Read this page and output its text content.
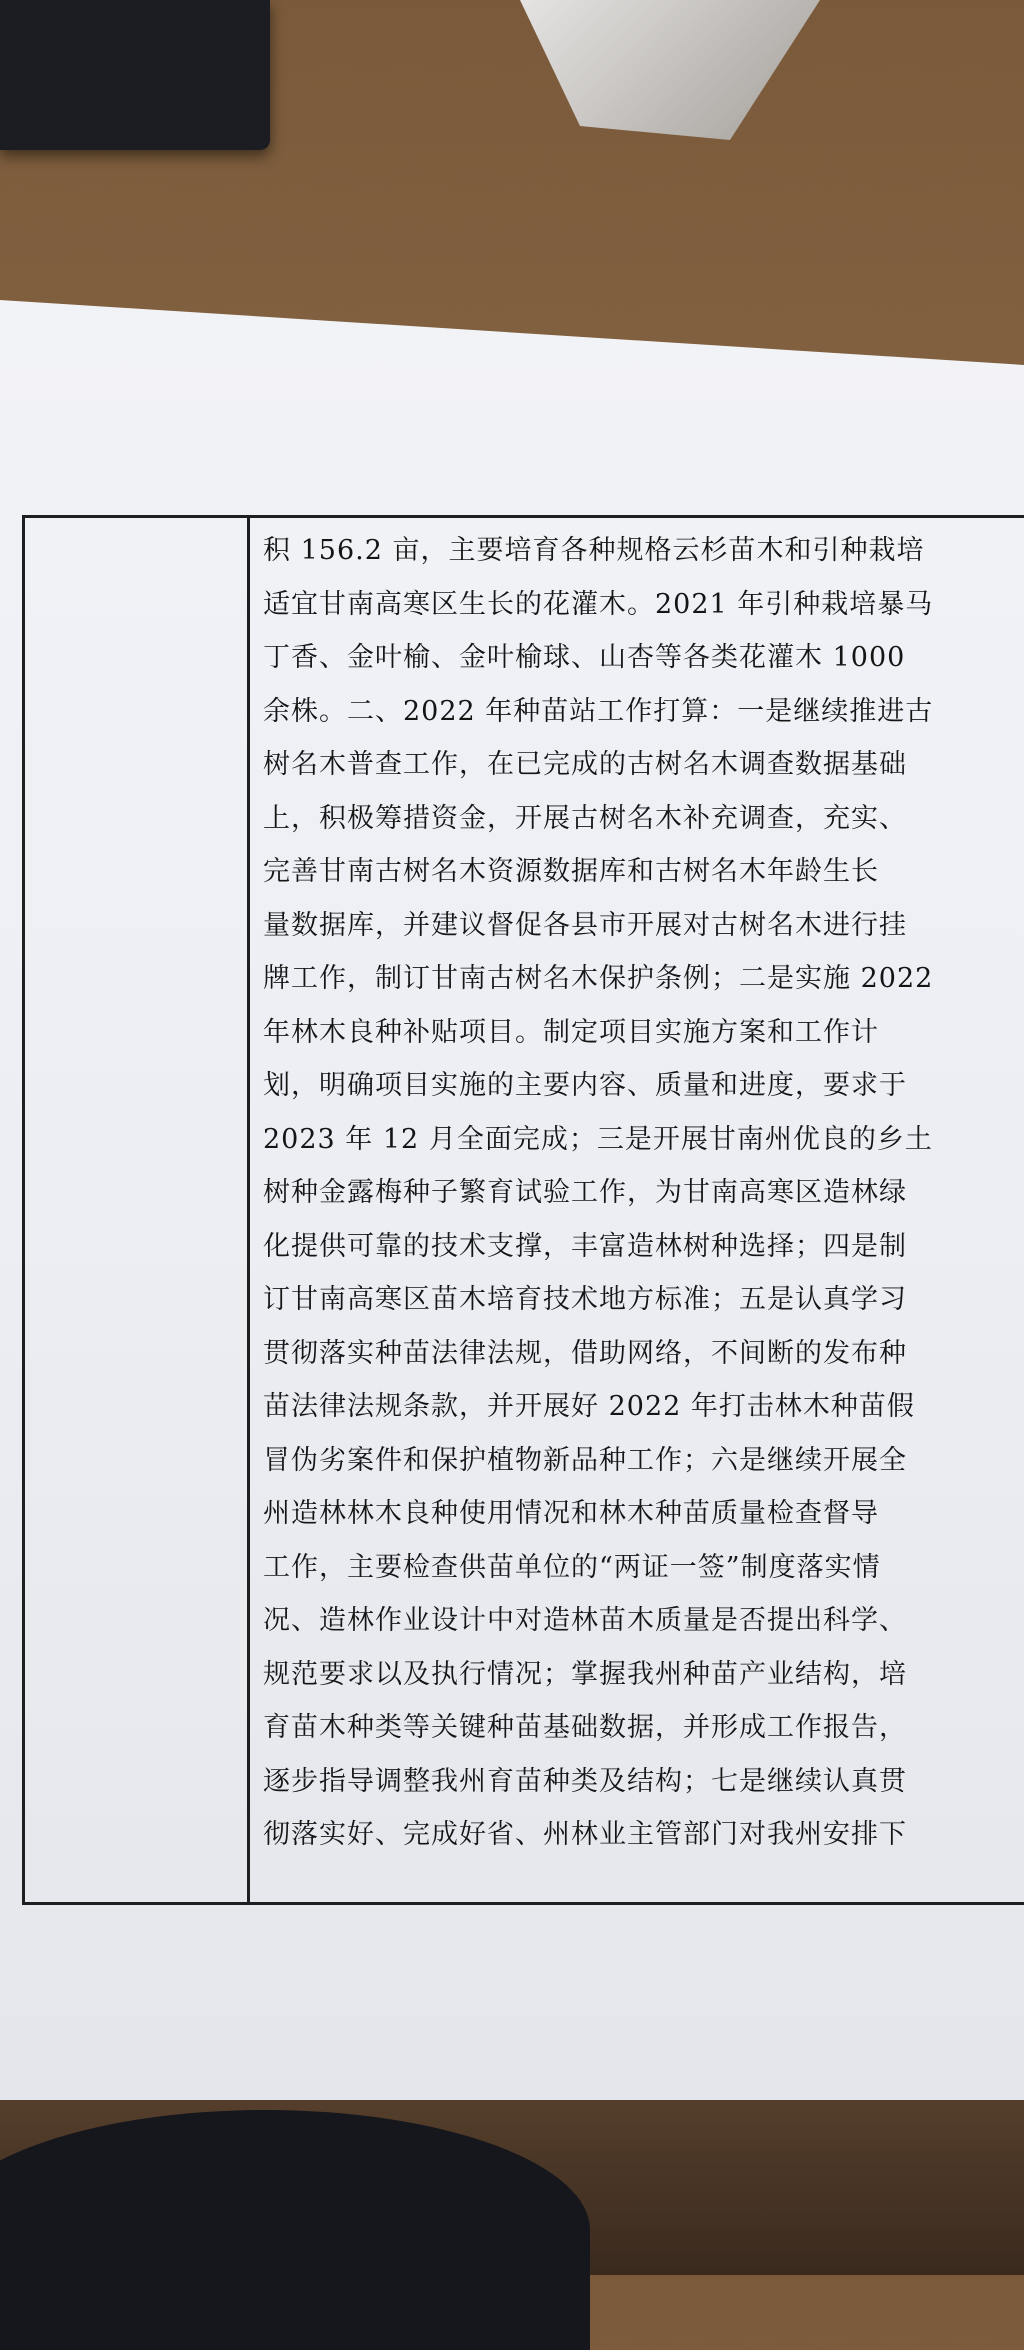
积 156.2 亩，主要培育各种规格云杉苗木和引种栽培
适宜甘南高寒区生长的花灌木。2021 年引种栽培暴马
丁香、金叶榆、金叶榆球、山杏等各类花灌木 1000
余株。二、2022 年种苗站工作打算：一是继续推进古
树名木普查工作，在已完成的古树名木调查数据基础
上，积极筹措资金，开展古树名木补充调查，充实、
完善甘南古树名木资源数据库和古树名木年龄生长
量数据库，并建议督促各县市开展对古树名木进行挂
牌工作，制订甘南古树名木保护条例；二是实施 2022
年林木良种补贴项目。制定项目实施方案和工作计
划，明确项目实施的主要内容、质量和进度，要求于
2023 年 12 月全面完成；三是开展甘南州优良的乡土
树种金露梅种子繁育试验工作，为甘南高寒区造林绿
化提供可靠的技术支撑，丰富造林树种选择；四是制
订甘南高寒区苗木培育技术地方标准；五是认真学习
贯彻落实种苗法律法规，借助网络，不间断的发布种
苗法律法规条款，并开展好 2022 年打击林木种苗假
冒伪劣案件和保护植物新品种工作；六是继续开展全
州造林林木良种使用情况和林木种苗质量检查督导
工作，主要检查供苗单位的“两证一签”制度落实情
况、造林作业设计中对造林苗木质量是否提出科学、
规范要求以及执行情况；掌握我州种苗产业结构，培
育苗木种类等关键种苗基础数据，并形成工作报告，
逐步指导调整我州育苗种类及结构；七是继续认真贯
彻落实好、完成好省、州林业主管部门对我州安排下
